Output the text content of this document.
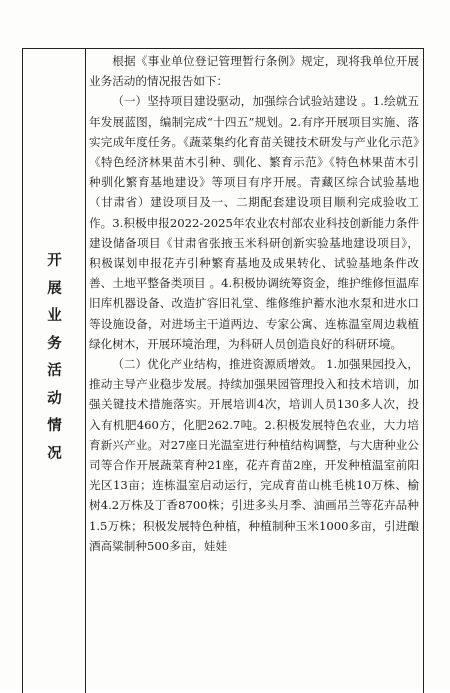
开
展
业
务
活
动
情
况

根据《事业单位登记管理暂行条例》规定，现将我单位开展业务活动的情况报告如下：

（一）坚持项目建设驱动，加强综合试验站建设 。1.绘就五年发展蓝图，编制完成“十四五”规划。2.有序开展项目实施、落实完成年度任务。《蔬菜集约化育苗关键技术研发与产业化示范》《特色经济林果苗木引种、驯化、繁育示范》《特色林果苗木引种驯化繁育基地建设》等项目有序开展。青藏区综合试验基地（甘肃省）建设项目及一、二期配套建设项目顺利完成验收工作。3.积极申报2022-2025年农业农村部农业科技创新能力条件建设储备项目《甘肃省张掖玉米科研创新实验基地建设项目》，积极谋划申报花卉引种繁育基地及成果转化、试验基地条件改善、土地平整备类项目 。4.积极协调统筹资金，维护维修恒温库旧库机器设备、改造扩容旧礼堂、维修维护蓄水池水泵和进水口等设施设备，对进场主干道两边、专家公寓、连栋温室周边栽植绿化树木，开展环境治理，为科研人员创造良好的科研环境。

（二）优化产业结构，推进资源质增效。 1.加强果园投入，推动主导产业稳步发展。持续加强果园管理投入和技术培训，加强关键技术措施落实。开展培训4次，培训人员130多人次，投入有机肥460方，化肥262.7吨。2.积极发展特色农业，大力培育新兴产业。对27座日光温室进行种植结构调整，与大唐种业公司等合作开展蔬菜育种21座，花卉育苗2座，开发种植温室前阳光区13亩；连栋温室启动运行，完成育苗山桃毛桃10万株、榆树4.2万株及丁香8700株；引进多头月季、油画吊兰等花卉品种1.5万株；积极发展特色种植，种植制种玉米1000多亩，引进酿酒高粱制种500多亩，娃娃
